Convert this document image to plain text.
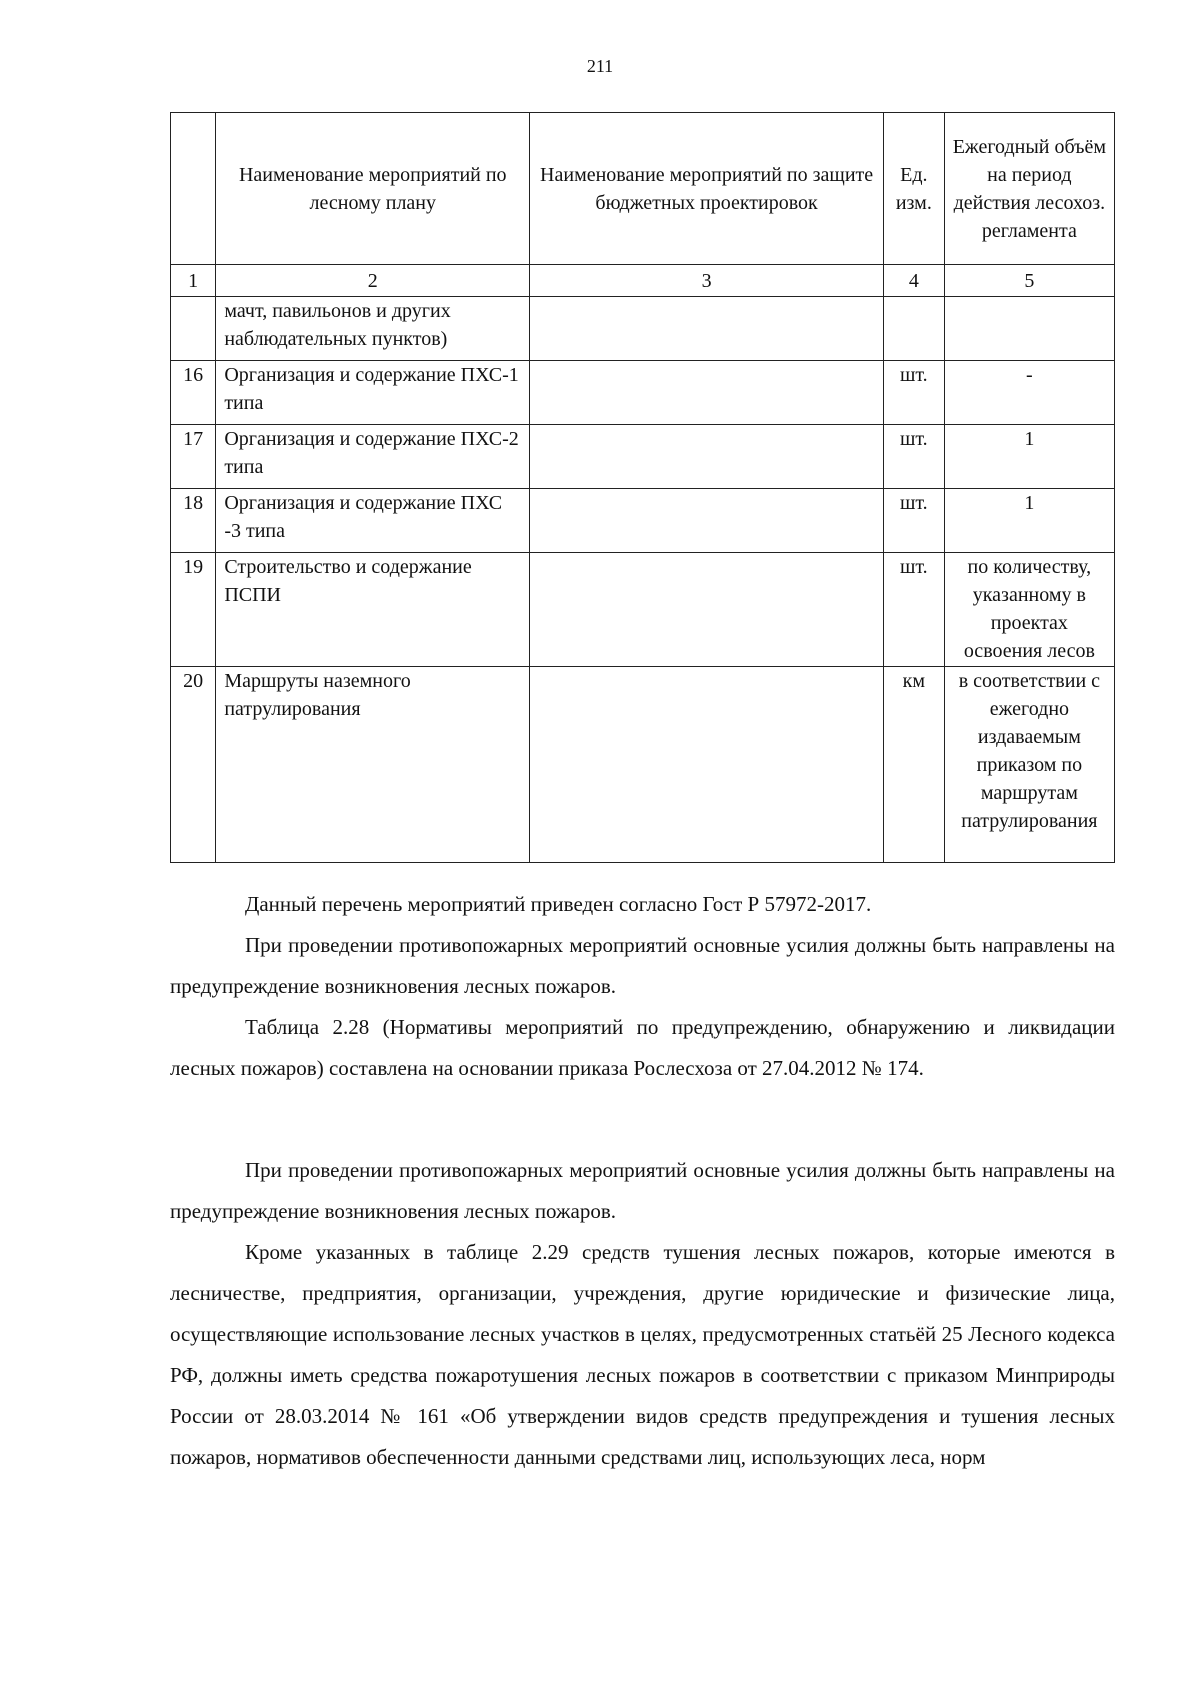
211
	Наименование мероприятий по лесному плану	Наименование мероприятий по защите бюджетных проектировок	Ед. изм.	Ежегодный объём на период действия лесохоз. регламента
1	2	3	4	5
	мачт, павильонов и других наблюдательных пунктов)			
16	Организация и содержание ПХС-1 типа		шт.	-
17	Организация и содержание ПХС-2 типа		шт.	1
18	Организация и содержание ПХС -3 типа		шт.	1
19	Строительство и содержание ПСПИ		шт.	по количеству, указанному в проектах освоения лесов
20	Маршруты наземного патрулирования		км	в соответствии с ежегодно издаваемым приказом по маршрутам патрулирования

Данный перечень мероприятий приведен согласно Гост Р 57972-2017.

При проведении противопожарных мероприятий основные усилия должны быть направлены на предупреждение возникновения лесных пожаров.

Таблица 2.28 (Нормативы мероприятий по предупреждению, обнаружению и ликвидации лесных пожаров) составлена на основании приказа Рослесхоза от 27.04.2012 № 174.

При проведении противопожарных мероприятий основные усилия должны быть направлены на предупреждение возникновения лесных пожаров.

Кроме указанных в таблице 2.29 средств тушения лесных пожаров, которые имеются в лесничестве, предприятия, организации, учреждения, другие юридические и физические лица, осуществляющие использование лесных участков в целях, предусмотренных статьёй 25 Лесного кодекса РФ, должны иметь средства пожаротушения лесных пожаров в соответствии с приказом Минприроды России от 28.03.2014 № 161 «Об утверждении видов средств предупреждения и тушения лесных пожаров, нормативов обеспеченности данными средствами лиц, использующих леса, норм
